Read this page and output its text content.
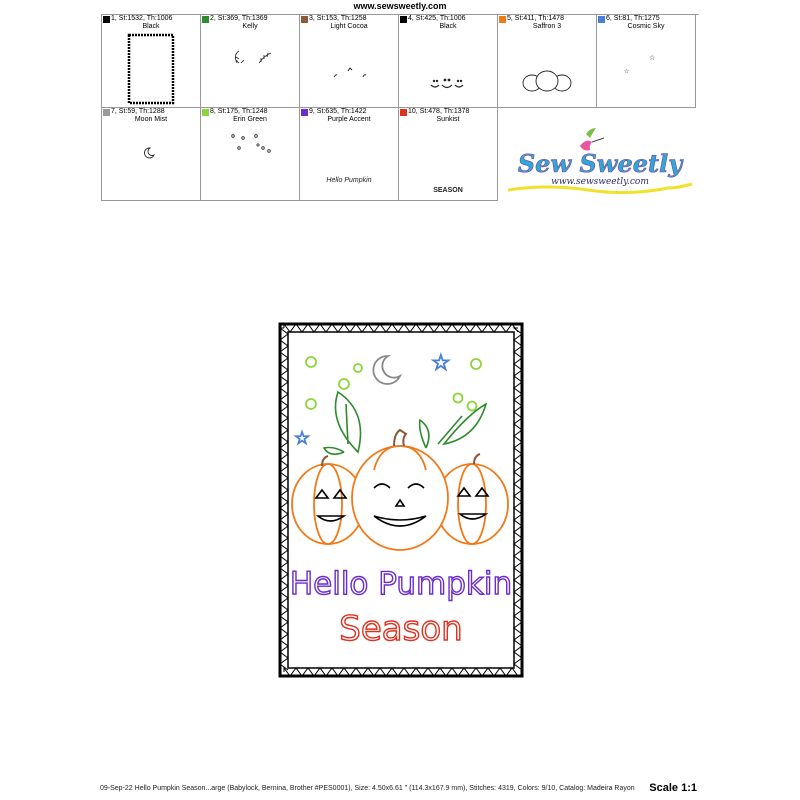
www.sewsweetly.com
1, St:1532, Th:1006
Black
2, St:369, Th:1369
Kelly
3, St:153, Th:1258
Light Cocoa
4, St:425, Th:1006
Black
5, St:411, Th:1478
Saffron 3
6, St:81, Th:1275
Cosmic Sky
☆
☆
7, St:59, Th:1288
Moon Mist
8, St:175, Th:1248
Erin Green
9, St:635, Th:1422
Purple Accent
Hello Pumpkin
10, St:478, Th:1378
Sunkist
SEASON
Sew Sweetly
www.sewsweetly.com
☆
☆
Hello Pumpkin
Season
09-Sep-22 Hello Pumpkin Season...arge (Babylock, Bernina, Brother #PES0001), Size: 4.50x6.61 " (114.3x167.9 mm), Stitches: 4319, Colors: 9/10, Catalog: Madeira Rayon Scale 1:1
